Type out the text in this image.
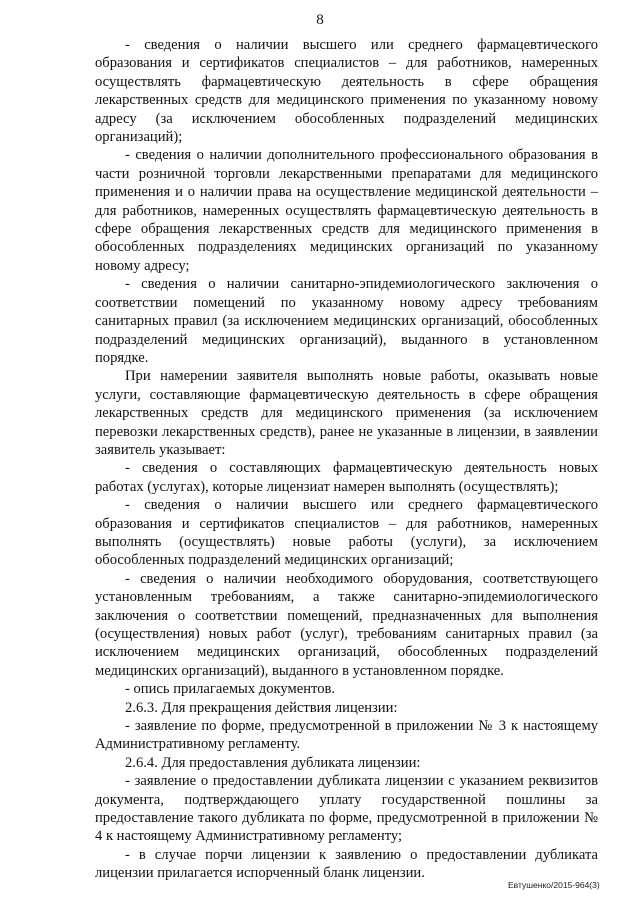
8

- сведения о наличии высшего или среднего фармацевтического образования и сертификатов специалистов – для работников, намеренных осуществлять фармацевтическую деятельность в сфере обращения лекарственных средств для медицинского применения по указанному новому адресу (за исключением обособленных подразделений медицинских организаций);

- сведения о наличии дополнительного профессионального образования в части розничной торговли лекарственными препаратами для медицинского применения и о наличии права на осуществление медицинской деятельности – для работников, намеренных осуществлять фармацевтическую деятельность в сфере обращения лекарственных средств для медицинского применения в обособленных подразделениях медицинских организаций по указанному новому адресу;

- сведения о наличии санитарно-эпидемиологического заключения о соответствии помещений по указанному новому адресу требованиям санитарных правил (за исключением медицинских организаций, обособленных подразделений медицинских организаций), выданного в установленном порядке.

При намерении заявителя выполнять новые работы, оказывать новые услуги, составляющие фармацевтическую деятельность в сфере обращения лекарственных средств для медицинского применения (за исключением перевозки лекарственных средств), ранее не указанные в лицензии, в заявлении заявитель указывает:

- сведения о составляющих фармацевтическую деятельность новых работах (услугах), которые лицензиат намерен выполнять (осуществлять);

- сведения о наличии высшего или среднего фармацевтического образования и сертификатов специалистов – для работников, намеренных выполнять (осуществлять) новые работы (услуги), за исключением обособленных подразделений медицинских организаций;

- сведения о наличии необходимого оборудования, соответствующего установленным требованиям, а также санитарно-эпидемиологического заключения о соответствии помещений, предназначенных для выполнения (осуществления) новых работ (услуг), требованиям санитарных правил (за исключением медицинских организаций, обособленных подразделений медицинских организаций), выданного в установленном порядке.

- опись прилагаемых документов.

2.6.3. Для прекращения действия лицензии:

- заявление по форме, предусмотренной в приложении № 3 к настоящему Административному регламенту.

2.6.4. Для предоставления дубликата лицензии:

- заявление о предоставлении дубликата лицензии с указанием реквизитов документа, подтверждающего уплату государственной пошлины за предоставление такого дубликата по форме, предусмотренной в приложении № 4 к настоящему Административному регламенту;

- в случае порчи лицензии к заявлению о предоставлении дубликата лицензии прилагается испорченный бланк лицензии.

Евтушенко/2015-964(3)
